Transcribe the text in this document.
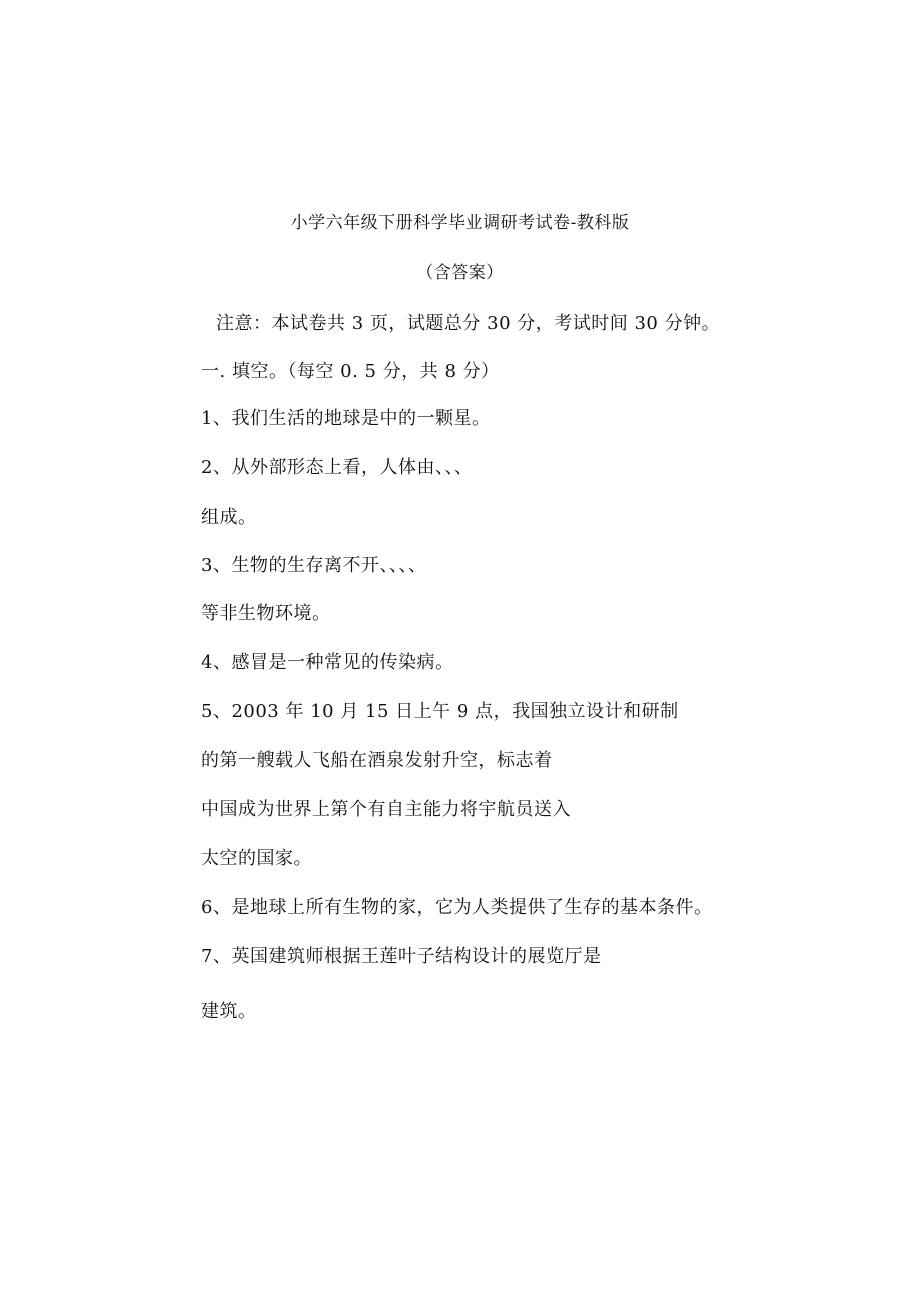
小学六年级下册科学毕业调研考试卷-教科版
（含答案）
注意：本试卷共 3 页，试题总分 30 分，考试时间 30 分钟。
一. 填空。（每空 0. 5 分，共 8 分）
1、我们生活的地球是中的一颗星。
2、从外部形态上看，人体由、、、
组成。
3、生物的生存离不开、、、、
等非生物环境。
4、感冒是一种常见的传染病。
5、2003 年 10 月 15 日上午 9 点，我国独立设计和研制
的第一艘载人飞船在酒泉发射升空，标志着
中国成为世界上第个有自主能力将宇航员送入
太空的国家。
6、是地球上所有生物的家，它为人类提供了生存的基本条件。
7、英国建筑师根据王莲叶子结构设计的展览厅是
建筑。
